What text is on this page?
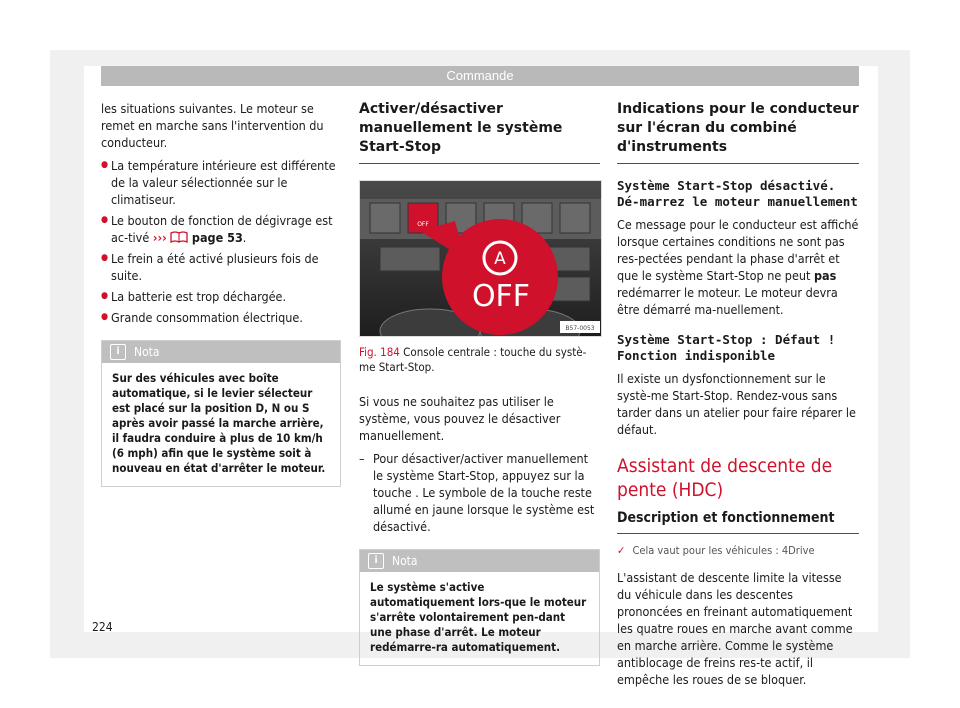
Commande

les situations suivantes. Le moteur se remet en marche sans l'intervention du conducteur.

● La température intérieure est différente de la valeur sélectionnée sur le climatiseur.
● Le bouton de fonction de dégivrage est ac-tivé ››› page 53.
● Le frein a été activé plusieurs fois de suite.
● La batterie est trop déchargée.
● Grande consommation électrique.
i	Nota
Sur des véhicules avec boîte automatique, si le levier sélecteur est placé sur la position D, N ou S après avoir passé la marche arrière, il faudra conduire à plus de 10 km/h (6 mph) afin que le système soit à nouveau en état d'arrêter le moteur.
Activer/désactiver manuellement le système Start-Stop
OFF
A
OFF
B57-0053
Fig. 184 Console centrale : touche du systè-me Start-Stop.

Si vous ne souhaitez pas utiliser le système, vous pouvez le désactiver manuellement.

– Pour désactiver/activer manuellement le système Start-Stop, appuyez sur la touche . Le symbole de la touche reste allumé en jaune lorsque le système est désactivé.
i	Nota
Le système s'active automatiquement lors-que le moteur s'arrête volontairement pen-dant une phase d'arrêt. Le moteur redémarre-ra automatiquement.
Indications pour le conducteur sur l'écran du combiné d'instruments
Système Start-Stop désactivé. Dé-marrez le moteur manuellement

Ce message pour le conducteur est affiché lorsque certaines conditions ne sont pas res-pectées pendant la phase d'arrêt et que le système Start-Stop ne peut pas redémarrer le moteur. Le moteur devra être démarré ma-nuellement.

Système Start-Stop : Défaut ! Fonction indisponible

Il existe un dysfonctionnement sur le systè-me Start-Stop. Rendez-vous sans tarder dans un atelier pour faire réparer le défaut.

Assistant de descente de pente (HDC)
Description et fonctionnement
✓ Cela vaut pour les véhicules : 4Drive

L'assistant de descente limite la vitesse du véhicule dans les descentes prononcées en freinant automatiquement les quatre roues en marche avant comme en marche arrière. Comme le système antiblocage de freins res-te actif, il empêche les roues de se bloquer.

224
